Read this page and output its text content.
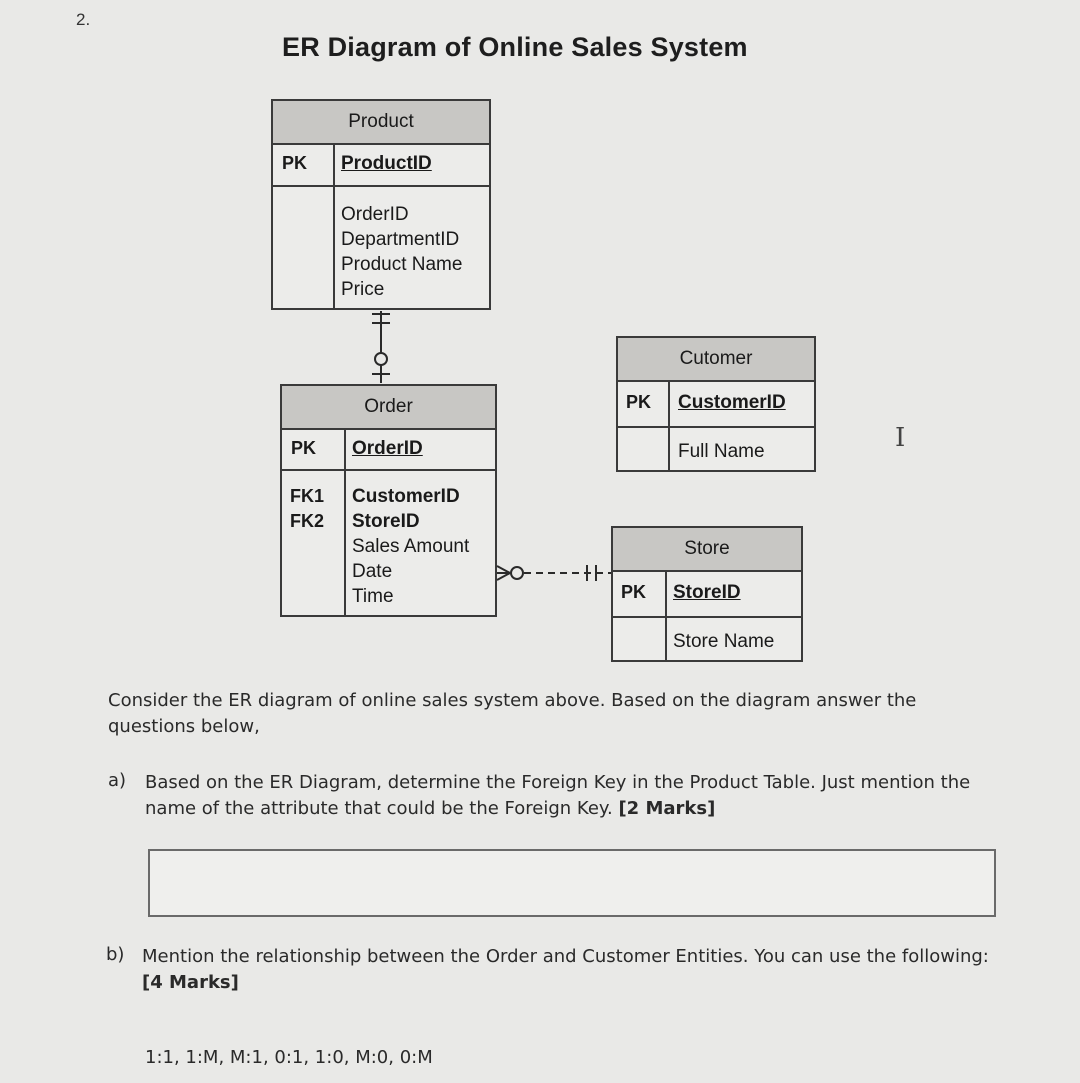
2.
ER Diagram of Online Sales System
Product
PK ProductID
OrderID
DepartmentID
Product Name
Price
Order
PK OrderID
FK1
FK2
CustomerID
StoreID
Sales Amount
Date
Time
Cutomer
PK CustomerID
Full Name
Store
PK StoreID
Store Name
Ι
Consider the ER diagram of online sales system above. Based on the diagram answer the questions below,
a) Based on the ER Diagram, determine the Foreign Key in the Product Table. Just mention the name of the attribute that could be the Foreign Key. [2 Marks]
b) Mention the relationship between the Order and Customer Entities. You can use the following: [4 Marks]
1:1, 1:M, M:1, 0:1, 1:0, M:0, 0:M
